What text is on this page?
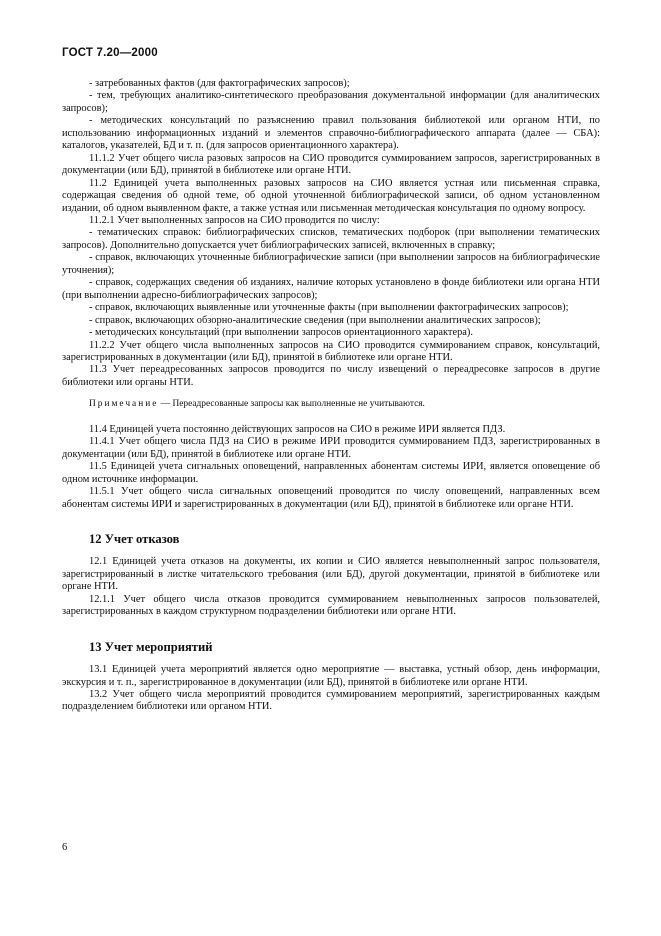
ГОСТ 7.20—2000

- затребованных фактов (для фактографических запросов);

- тем, требующих аналитико-синтетического преобразования документальной информации (для аналитических запросов);

- методических консультаций по разъяснению правил пользования библиотекой или органом НТИ, по использованию информационных изданий и элементов справочно-библиографического аппарата (далее — СБА): каталогов, указателей, БД и т. п. (для запросов ориентационного характера).

11.1.2 Учет общего числа разовых запросов на СИО проводится суммированием запросов, зарегистрированных в документации (или БД), принятой в библиотеке или органе НТИ.

11.2 Единицей учета выполненных разовых запросов на СИО является устная или письменная справка, содержащая сведения об одной теме, об одной уточненной библиографической записи, об одном установленном издании, об одном выявленном факте, а также устная или письменная методическая консультация по одному вопросу.

11.2.1 Учет выполненных запросов на СИО проводится по числу:

- тематических справок: библиографических списков, тематических подборок (при выполнении тематических запросов). Дополнительно допускается учет библиографических записей, включенных в справку;

- справок, включающих уточненные библиографические записи (при выполнении запросов на библиографические уточнения);

- справок, содержащих сведения об изданиях, наличие которых установлено в фонде библиотеки или органа НТИ (при выполнении адресно-библиографических запросов);

- справок, включающих выявленные или уточненные факты (при выполнении фактографических запросов);

- справок, включающих обзорно-аналитические сведения (при выполнении аналитических запросов);

- методических консультаций (при выполнении запросов ориентационного характера).

11.2.2 Учет общего числа выполненных запросов на СИО проводится суммированием справок, консультаций, зарегистрированных в документации (или БД), принятой в библиотеке или органе НТИ.

11.3 Учет переадресованных запросов проводится по числу извещений о переадресовке запросов в другие библиотеки или органы НТИ.

Примечание — Переадресованные запросы как выполненные не учитываются.

11.4 Единицей учета постоянно действующих запросов на СИО в режиме ИРИ является ПДЗ.

11.4.1 Учет общего числа ПДЗ на СИО в режиме ИРИ проводится суммированием ПДЗ, зарегистрированных в документации (или БД), принятой в библиотеке или органе НТИ.

11.5 Единицей учета сигнальных оповещений, направленных абонентам системы ИРИ, является оповещение об одном источнике информации.

11.5.1 Учет общего числа сигнальных оповещений проводится по числу оповещений, направленных всем абонентам системы ИРИ и зарегистрированных в документации (или БД), принятой в библиотеке или органе НТИ.

12 Учет отказов

12.1 Единицей учета отказов на документы, их копии и СИО является невыполненный запрос пользователя, зарегистрированный в листке читательского требования (или БД), другой документации, принятой в библиотеке или органе НТИ.

12.1.1 Учет общего числа отказов проводится суммированием невыполненных запросов пользователей, зарегистрированных в каждом структурном подразделении библиотеки или органе НТИ.

13 Учет мероприятий

13.1 Единицей учета мероприятий является одно мероприятие — выставка, устный обзор, день информации, экскурсия и т. п., зарегистрированное в документации (или БД), принятой в библиотеке или органе НТИ.

13.2 Учет общего числа мероприятий проводится суммированием мероприятий, зарегистрированных каждым подразделением библиотеки или органом НТИ.

6
